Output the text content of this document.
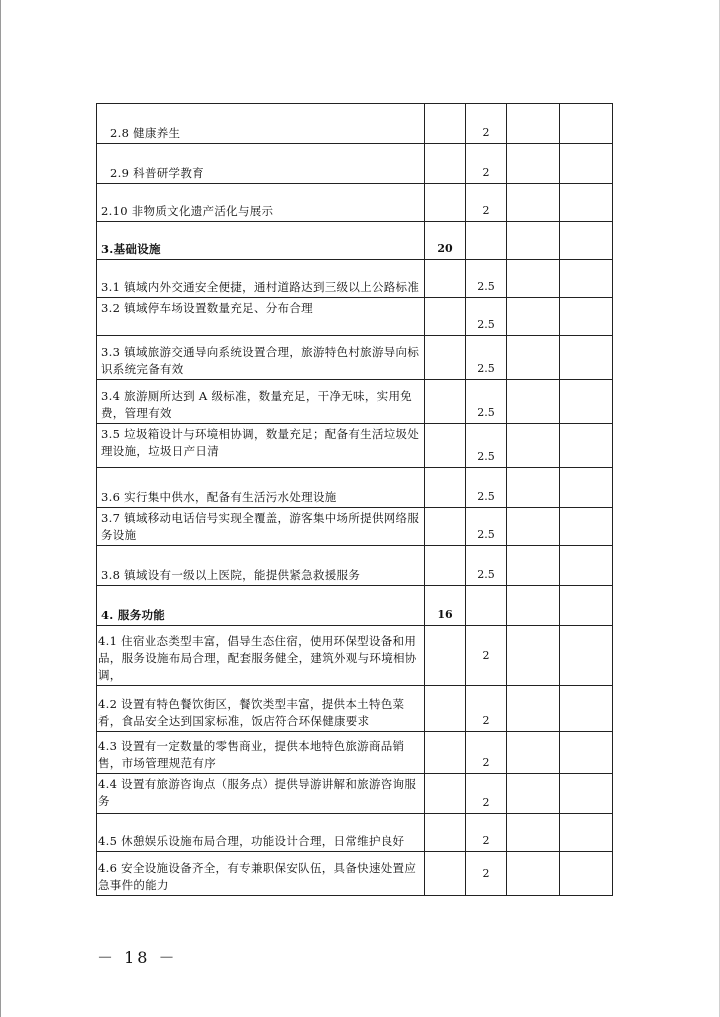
2.8 健康养生		2		
2.9 科普研学教育		2		
2.10 非物质文化遗产活化与展示		2		
3.基础设施	20			
3.1 镇域内外交通安全便捷，通村道路达到三级以上公路标准		2.5		
3.2 镇域停车场设置数量充足、分布合理		2.5		
3.3 镇域旅游交通导向系统设置合理，旅游特色村旅游导向标识系统完备有效		2.5		
3.4 旅游厕所达到 A 级标准，数量充足，干净无味，实用免费，管理有效		2.5		
3.5 垃圾箱设计与环境相协调，数量充足；配备有生活垃圾处理设施，垃圾日产日清		2.5		
3.6 实行集中供水，配备有生活污水处理设施		2.5		
3.7 镇域移动电话信号实现全覆盖，游客集中场所提供网络服务设施		2.5		
3.8 镇域设有一级以上医院，能提供紧急救援服务		2.5		
4. 服务功能	16			
4.1 住宿业态类型丰富，倡导生态住宿，使用环保型设备和用品，服务设施布局合理，配套服务健全，建筑外观与环境相协调，		2		
4.2 设置有特色餐饮街区，餐饮类型丰富，提供本土特色菜肴，食品安全达到国家标准，饭店符合环保健康要求		2		
4.3 设置有一定数量的零售商业，提供本地特色旅游商品销售，市场管理规范有序		2		
4.4 设置有旅游咨询点（服务点）提供导游讲解和旅游咨询服务		2		
4.5 休憩娱乐设施布局合理，功能设计合理，日常维护良好		2		
4.6 安全设施设备齐全，有专兼职保安队伍，具备快速处置应急事件的能力		2		
－ 18 －
